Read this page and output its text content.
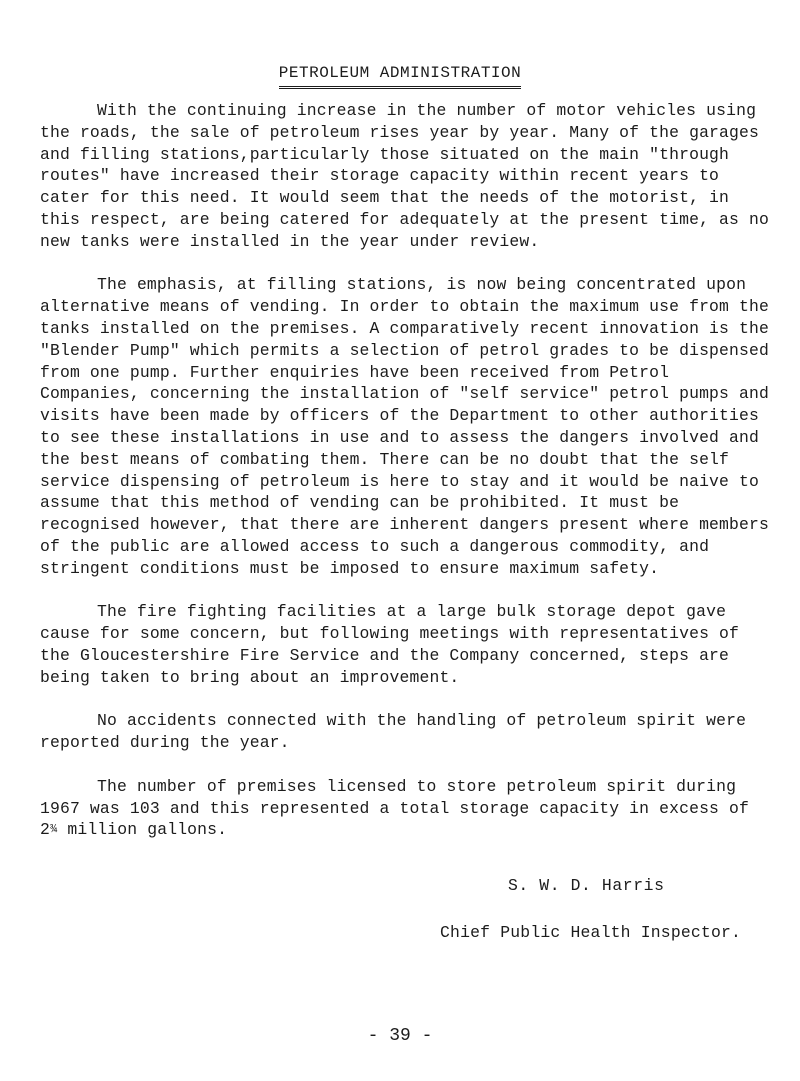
PETROLEUM ADMINISTRATION

With the continuing increase in the number of motor vehicles using the roads, the sale of petroleum rises year by year. Many of the garages and filling stations,particularly those situated on the main "through routes" have increased their storage capacity within recent years to cater for this need. It would seem that the needs of the motorist, in this respect, are being catered for adequately at the present time, as no new tanks were installed in the year under review.

The emphasis, at filling stations, is now being concentrated upon alternative means of vending. In order to obtain the maximum use from the tanks installed on the premises. A comparatively recent innovation is the "Blender Pump" which permits a selection of petrol grades to be dispensed from one pump. Further enquiries have been received from Petrol Companies, concerning the installation of "self service" petrol pumps and visits have been made by officers of the Department to other authorities to see these installations in use and to assess the dangers involved and the best means of combating them. There can be no doubt that the self service dispensing of petroleum is here to stay and it would be naive to assume that this method of vending can be prohibited. It must be recognised however, that there are inherent dangers present where members of the public are allowed access to such a dangerous commodity, and stringent conditions must be imposed to ensure maximum safety.

The fire fighting facilities at a large bulk storage depot gave cause for some concern, but following meetings with representatives of the Gloucestershire Fire Service and the Company concerned, steps are being taken to bring about an improvement.

No accidents connected with the handling of petroleum spirit were reported during the year.

The number of premises licensed to store petroleum spirit during 1967 was 103 and this represented a total storage capacity in excess of 2¾ million gallons.

S. W. D. Harris
Chief Public Health Inspector.
- 39 -
